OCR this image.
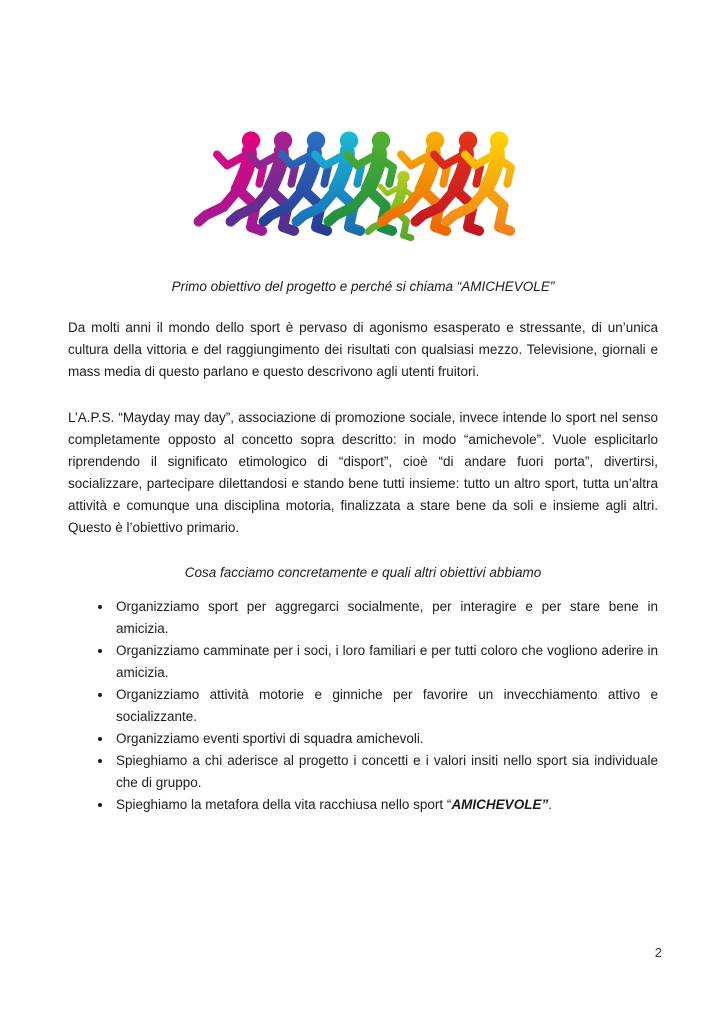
Primo obiettivo del progetto e perché si chiama “AMICHEVOLE”

Da molti anni il mondo dello sport è pervaso di agonismo esasperato e stressante, di un’unica cultura della vittoria e del raggiungimento dei risultati con qualsiasi mezzo. Televisione, giornali e mass media di questo parlano e questo descrivono agli utenti fruitori.

L’A.P.S. “Mayday may day”, associazione di promozione sociale, invece intende lo sport nel senso completamente opposto al concetto sopra descritto: in modo “amichevole”. Vuole esplicitarlo riprendendo il significato etimologico di “disport”, cioè “di andare fuori porta”, divertirsi, socializzare, partecipare dilettandosi e stando bene tutti insieme: tutto un altro sport, tutta un’altra attività e comunque una disciplina motoria, finalizzata a stare bene da soli e insieme agli altri. Questo è l’obiettivo primario.

Cosa facciamo concretamente e quali altri obiettivi abbiamo

• Organizziamo sport per aggregarci socialmente, per interagire e per stare bene in amicizia.
• Organizziamo camminate per i soci, i loro familiari e per tutti coloro che vogliono aderire in amicizia.
• Organizziamo attività motorie e ginniche per favorire un invecchiamento attivo e socializzante.
• Organizziamo eventi sportivi di squadra amichevoli.
• Spieghiamo a chi aderisce al progetto i concetti e i valori insiti nello sport sia individuale che di gruppo.
• Spieghiamo la metafora della vita racchiusa nello sport “AMICHEVOLE”.
2
